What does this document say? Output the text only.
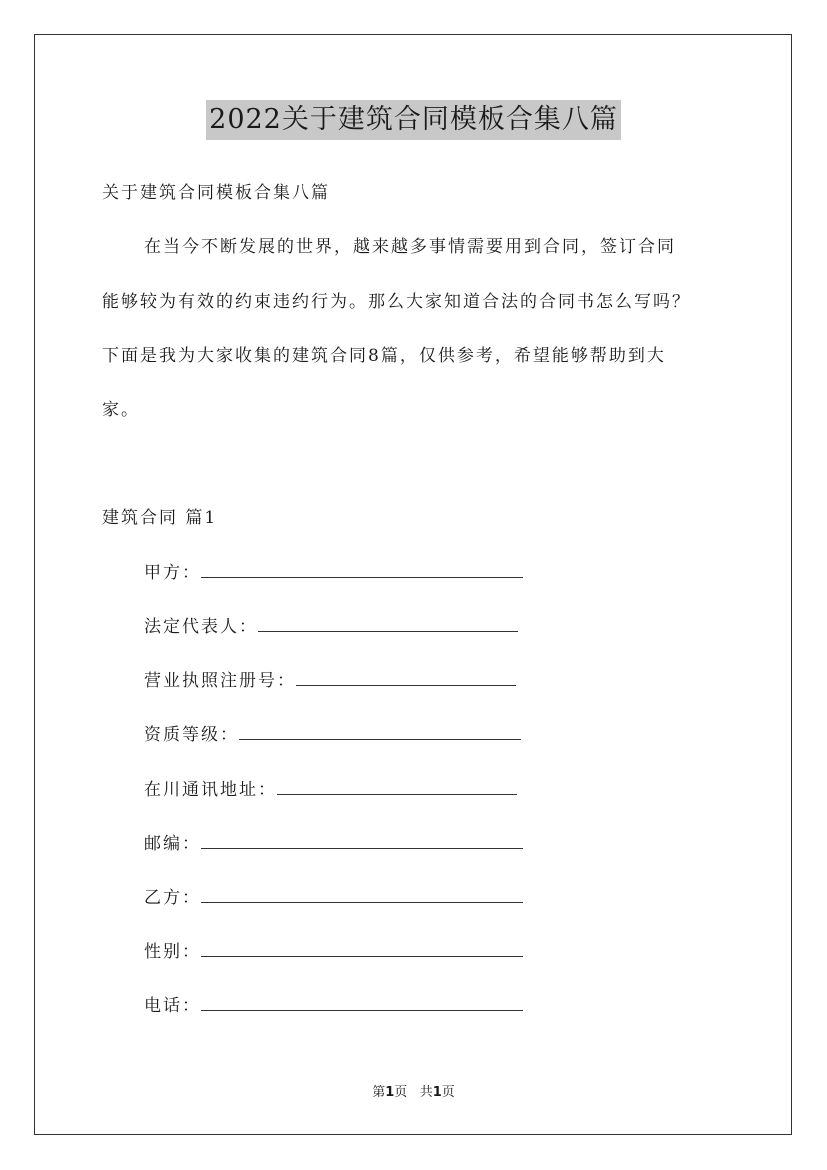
2022关于建筑合同模板合集八篇
关于建筑合同模板合集八篇
在当今不断发展的世界，越来越多事情需要用到合同，签订合同
能够较为有效的约束违约行为。那么大家知道合法的合同书怎么写吗？
下面是我为大家收集的建筑合同8篇，仅供参考，希望能够帮助到大
家。
建筑合同 篇1
甲方：
法定代表人：
营业执照注册号：
资质等级：
在川通讯地址：
邮编：
乙方：
性别：
电话：
第1页   共1页
